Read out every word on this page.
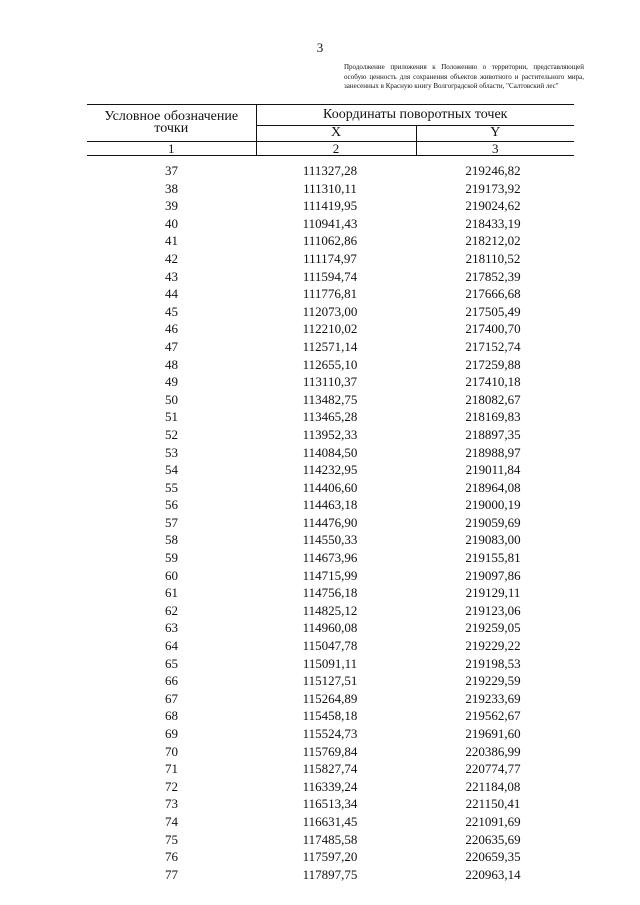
3
Продолжение приложения к Положению о территории, представляющей особую ценность для сохранения объектов животного и растительного мира, занесенных в Красную книгу Волгоградской области, "Салтовский лес"
Условное обозначение точки	Координаты поворотных точек	
	X	Y
1	2	3

37	111327,28	219246,82
38	111310,11	219173,92
39	111419,95	219024,62
40	110941,43	218433,19
41	111062,86	218212,02
42	111174,97	218110,52
43	111594,74	217852,39
44	111776,81	217666,68
45	112073,00	217505,49
46	112210,02	217400,70
47	112571,14	217152,74
48	112655,10	217259,88
49	113110,37	217410,18
50	113482,75	218082,67
51	113465,28	218169,83
52	113952,33	218897,35
53	114084,50	218988,97
54	114232,95	219011,84
55	114406,60	218964,08
56	114463,18	219000,19
57	114476,90	219059,69
58	114550,33	219083,00
59	114673,96	219155,81
60	114715,99	219097,86
61	114756,18	219129,11
62	114825,12	219123,06
63	114960,08	219259,05
64	115047,78	219229,22
65	115091,11	219198,53
66	115127,51	219229,59
67	115264,89	219233,69
68	115458,18	219562,67
69	115524,73	219691,60
70	115769,84	220386,99
71	115827,74	220774,77
72	116339,24	221184,08
73	116513,34	221150,41
74	116631,45	221091,69
75	117485,58	220635,69
76	117597,20	220659,35
77	117897,75	220963,14
